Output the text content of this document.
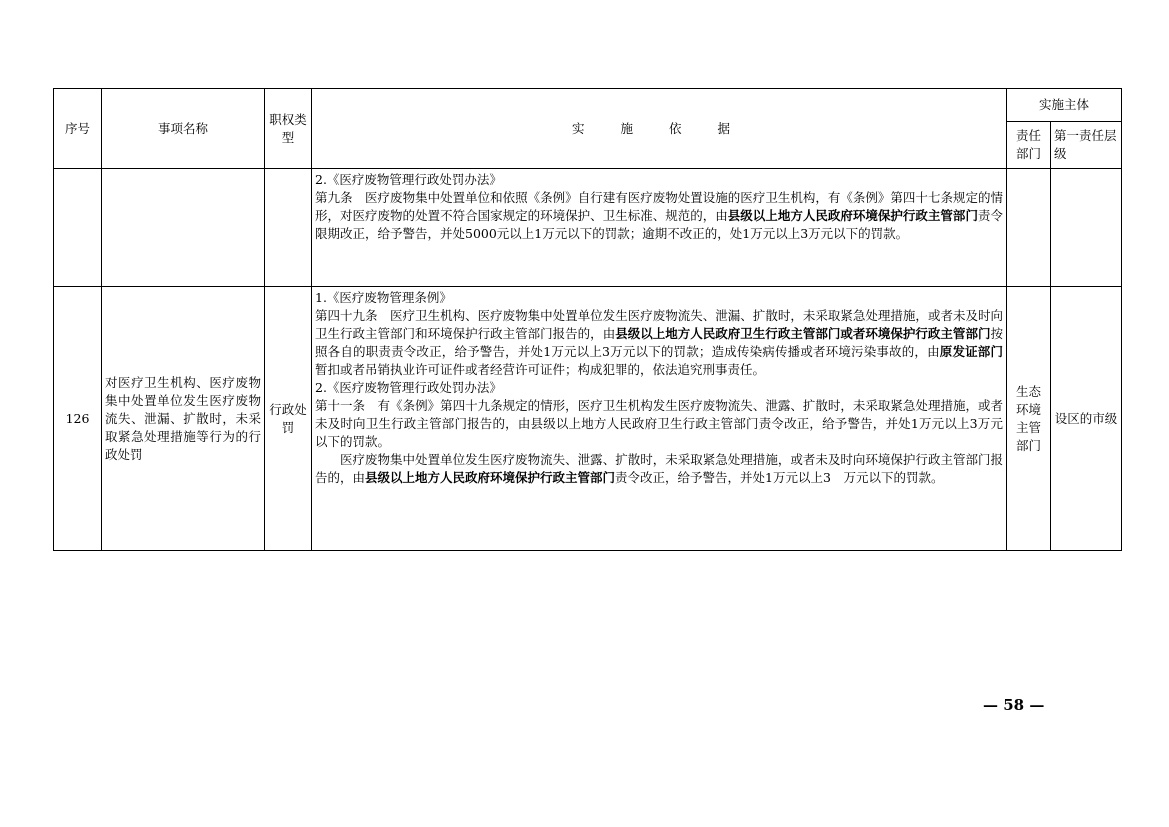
序号	事项名称	职权类型	实 施 依 据	实施主体	
				责任部门	第一责任层级

			2.《医疗废物管理行政处罚办法》

第九条　医疗废物集中处置单位和依照《条例》自行建有医疗废物处置设施的医疗卫生机构，有《条例》第四十七条规定的情形，对医疗废物的处置不符合国家规定的环境保护、卫生标准、规范的，由县级以上地方人民政府环境保护行政主管部门责令限期改正，给予警告，并处5000元以上1万元以下的罚款；逾期不改正的，处1万元以上3万元以下的罚款。		

126	对医疗卫生机构、医疗废物集中处置单位发生医疗废物流失、泄漏、扩散时，未采取紧急处理措施等行为的行政处罚	行政处罚	1.《医疗废物管理条例》

第四十九条　医疗卫生机构、医疗废物集中处置单位发生医疗废物流失、泄漏、扩散时，未采取紧急处理措施，或者未及时向卫生行政主管部门和环境保护行政主管部门报告的，由县级以上地方人民政府卫生行政主管部门或者环境保护行政主管部门按照各自的职责责令改正，给予警告，并处1万元以上3万元以下的罚款；造成传染病传播或者环境污染事故的，由原发证部门暂扣或者吊销执业许可证件或者经营许可证件；构成犯罪的，依法追究刑事责任。

2.《医疗废物管理行政处罚办法》

第十一条　有《条例》第四十九条规定的情形，医疗卫生机构发生医疗废物流失、泄露、扩散时，未采取紧急处理措施，或者未及时向卫生行政主管部门报告的，由县级以上地方人民政府卫生行政主管部门责令改正，给予警告，并处1万元以上3万元以下的罚款。

医疗废物集中处置单位发生医疗废物流失、泄露、扩散时，未采取紧急处理措施，或者未及时向环境保护行政主管部门报告的，由县级以上地方人民政府环境保护行政主管部门责令改正，给予警告，并处1万元以上3　万元以下的罚款。	生态环境主管部门	设区的市级
— 58 —
